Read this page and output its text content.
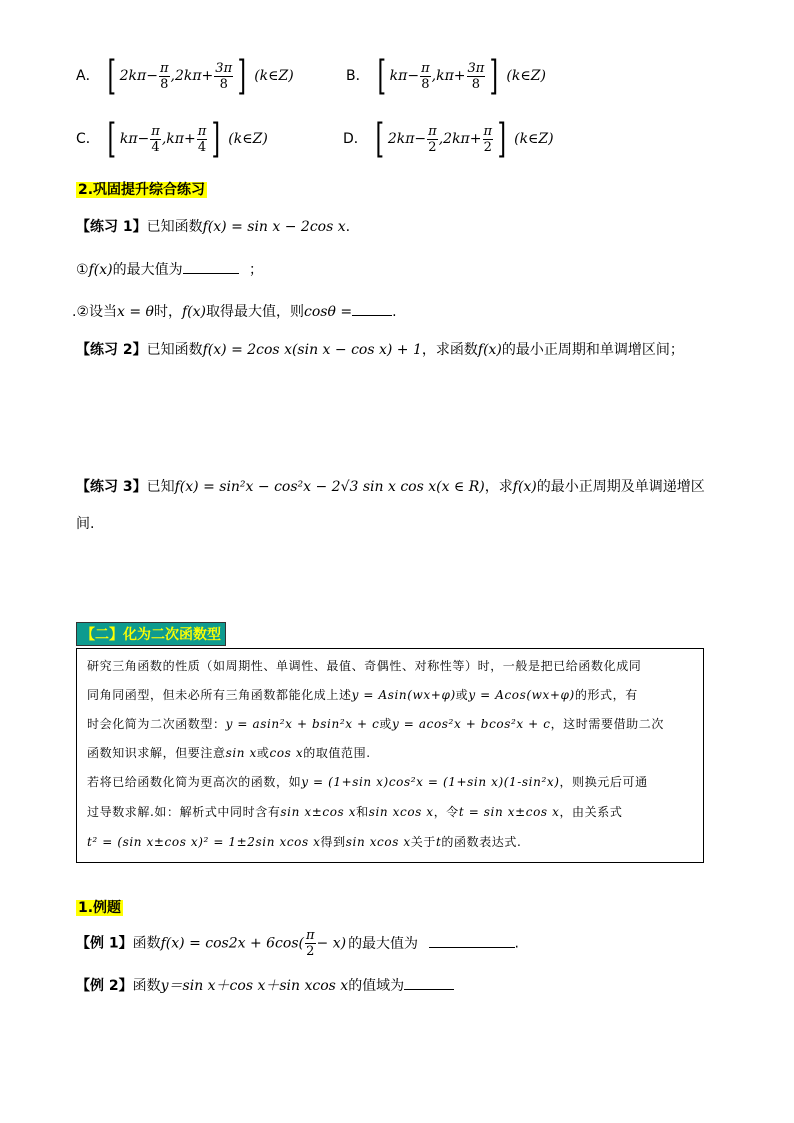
A． [ $2k\pi- \frac{\pi}{8} ,2k\pi+ \frac{3\pi}{8}$ ] (k∈Z)	B． [ $k\pi- \frac{\pi}{8} ,k\pi+ \frac{3\pi}{8}$ ] (k∈Z)
C． [ $k\pi- \frac{\pi}{4} ,k\pi+ \frac{\pi}{4}$ ] (k∈Z)	D． [ $2k\pi- \frac{\pi}{2} ,2k\pi+ \frac{\pi}{2}$ ] (k∈Z)
2.巩固提升综合练习
【练习 1】已知函数f(x) = sin x − 2cos x.
①f(x)的最大值为	；
.②设当x = θ时，f(x)取得最大值，则cosθ =	.
【练习 2】已知函数f(x) = 2cos x(sin x − cos x) + 1，求函数f(x)的最小正周期和单调增区间；
【练习 3】已知f(x) = sin²x − cos²x − 2√3 sin x cos x(x ∈ R)，求f(x)的最小正周期及单调递增区
间.
【二】化为二次函数型
研究三角函数的性质（如周期性、单调性、最值、奇偶性、对称性等）时，一般是把已给函数化成同
同角同函型，但未必所有三角函数都能化成上述y = Asin(wx+φ)或y = Acos(wx+φ)的形式，有
时会化简为二次函数型：y = asin²x + bsin²x + c或y = acos²x + bcos²x + c，这时需要借助二次
函数知识求解，但要注意sin x或cos x的取值范围.
若将已给函数化简为更高次的函数，如y = (1+sin x)cos²x = (1+sin x)(1-sin²x)，则换元后可通
过导数求解.如：解析式中同时含有sin x±cos x和sin xcos x，令t = sin x±cos x，由关系式
t² = (sin x±cos x)² = 1±2sin xcos x得到sin xcos x关于t的函数表达式.
1.例题
【例 1】函数$f(x) = \cos 2x + 6\cos( \frac{\pi}{2} - x)$ 的最大值为	.
【例 2】函数y＝sin x＋cos x＋sin xcos x的值域为
